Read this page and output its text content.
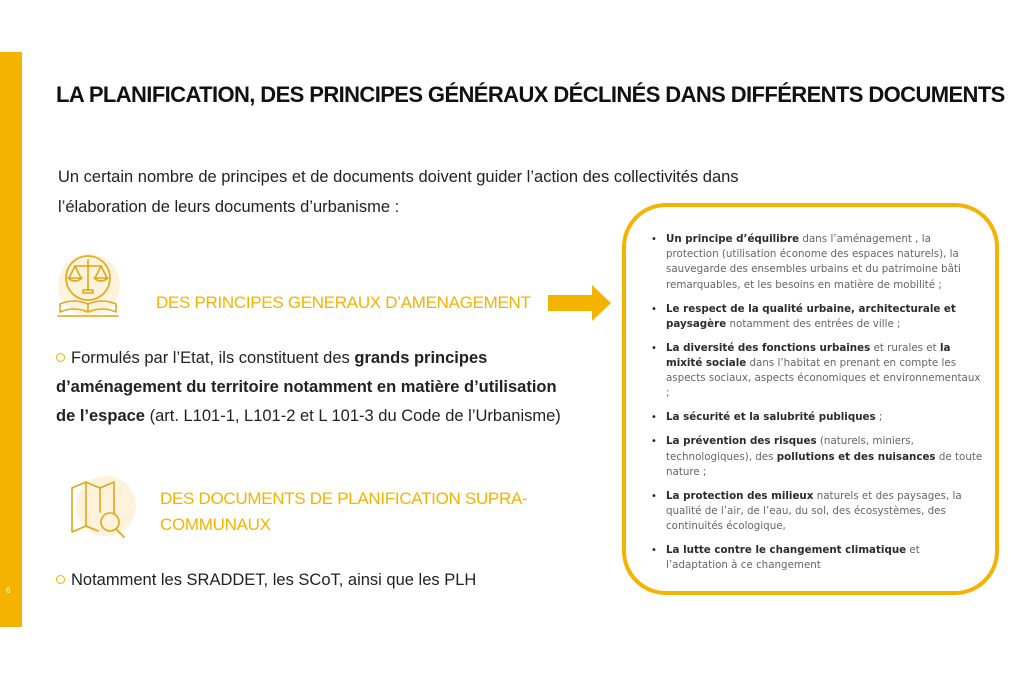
6
LA PLANIFICATION, DES PRINCIPES GÉNÉRAUX DÉCLINÉS DANS DIFFÉRENTS DOCUMENTS
Un certain nombre de principes et de documents doivent guider l’action des collectivités dans
l’élaboration de leurs documents d’urbanisme :
DES PRINCIPES GENERAUX D’AMENAGEMENT
Formulés par l’Etat, ils constituent des grands principes d’aménagement du territoire notamment en matière d’utilisation de l’espace (art. L101-1, L101-2 et L 101-3 du Code de l’Urbanisme)
DES DOCUMENTS DE PLANIFICATION SUPRA-
COMMUNAUX
Notamment les SRADDET, les SCoT, ainsi que les PLH
• Un principe d’équilibre dans l’aménagement , la protection (utilisation économe des espaces naturels), la sauvegarde des ensembles urbains et du patrimoine bâti remarquables, et les besoins en matière de mobilité ;
• Le respect de la qualité urbaine, architecturale et paysagère notamment des entrées de ville ;
• La diversité des fonctions urbaines et rurales et la mixité sociale dans l’habitat en prenant en compte les aspects sociaux, aspects économiques et environnementaux ;
• La sécurité et la salubrité publiques ;
• La prévention des risques (naturels, miniers, technologiques), des pollutions et des nuisances de toute nature ;
• La protection des milieux naturels et des paysages, la qualité de l’air, de l’eau, du sol, des écosystèmes, des continuités écologique,
• La lutte contre le changement climatique et l’adaptation à ce changement
